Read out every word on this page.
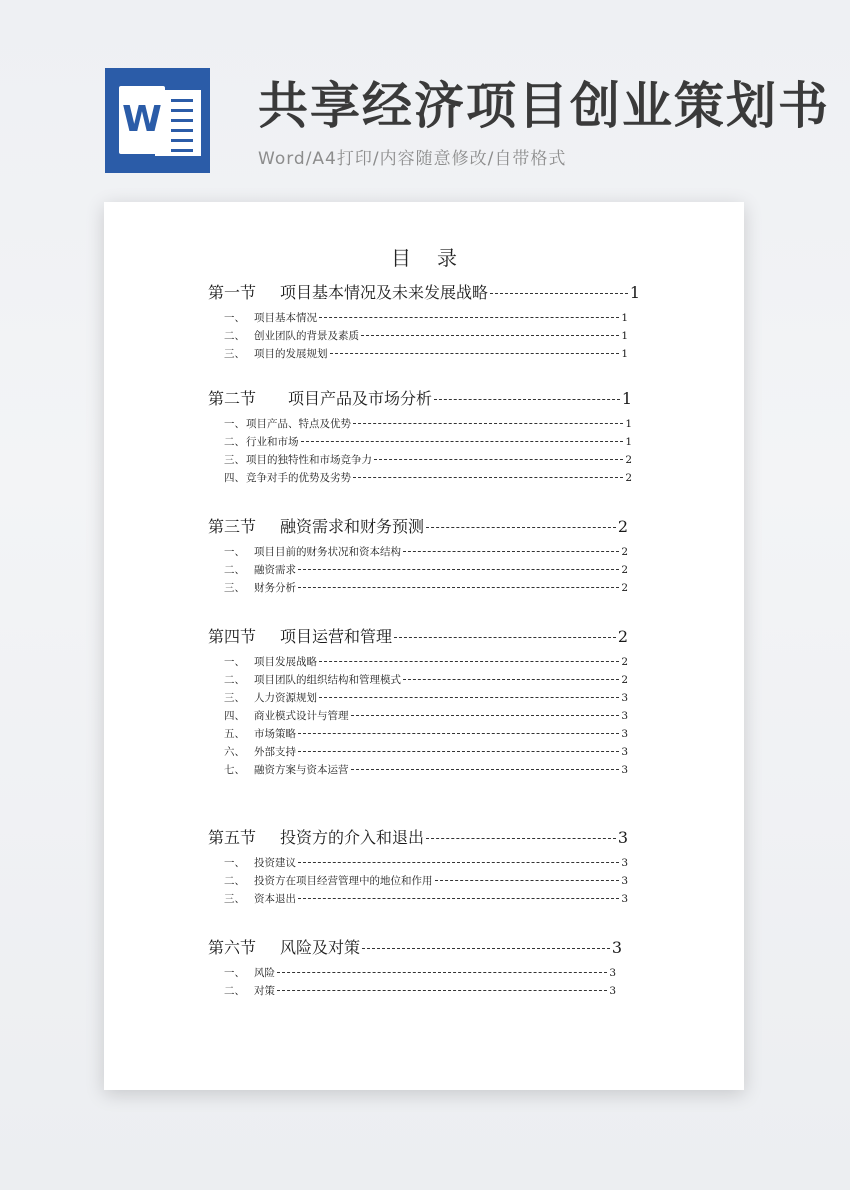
W 共享经济项目创业策划书
Word/A4打印/内容随意修改/自带格式
目录
第一节	项目基本情况及未来发展战略	1
一、 项目基本情况	1
二、 创业团队的背景及素质	1
三、 项目的发展规划	1
第二节	项目产品及市场分析	1
一、 项目产品、特点及优势	1
二、 行业和市场	1
三、 项目的独特性和市场竞争力	2
四、 竞争对手的优势及劣势	2
第三节	融资需求和财务预测	2
一、 项目目前的财务状况和资本结构	2
二、 融资需求	2
三、 财务分析	2
第四节	项目运营和管理	2
一、 项目发展战略	2
二、 项目团队的组织结构和管理模式	2
三、 人力资源规划	3
四、 商业模式设计与管理	3
五、 市场策略	3
六、 外部支持	3
七、 融资方案与资本运营	3
第五节	投资方的介入和退出	3
一、 投资建议	3
二、 投资方在项目经营管理中的地位和作用	3
三、 资本退出	3
第六节	风险及对策	3
一、 风险	3
二、 对策	3
